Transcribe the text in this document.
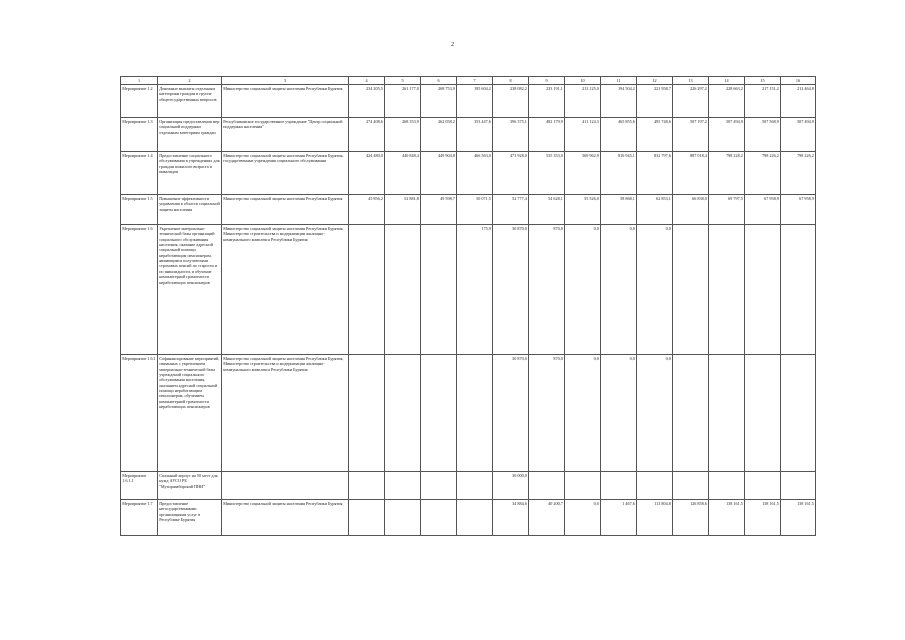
2
1	2	3	4	5	6	7	8	9	10	11	12	13	14	15	16
Мероприятие 1.2	Денежные выплаты отдельным категориям граждан и группе общегосударственных вопросов	Министерство социальной защиты населения Республики Бурятия	234 205,5	261 177,0	268 753,9	195 604,2	238 082,2	233 191,1	213 125,0	194 504,2	221 958,7	226 297,2	228 663,2	217 151,2	212 464,8
Мероприятие 1.3	Организация предоставления мер социальной поддержки отдельным категориям граждан	Республиканское государственное учреждение "Центр социальной поддержки населения"	274 408,6	268 353,9	262 058,2	353 447,6	396 375,1	482 179,9	411 124,3	465 855,6	495 748,6	507 197,2	507 494,9	507 568,9	507 494,9
Мероприятие 1.4	Предоставление социального обслуживания в учреждениях для граждан пожилого возраста и инвалидов	Министерство социальной защиты населения Республики Бурятия, государственные учреждения социального обслуживания	424 480,0	440 848,4	449 904,8	466 563,0	471 928,0	535 353,0	569 962,9	816 945,1	832 797,6	887 018,4	798 228,2	798 226,2	798 226,2
Мероприятие 1.5	Повышение эффективности управления в области социальной защиты населения	Министерство социальной защиты населения Республики Бурятия	45 856,2	52 881,8	49 598,7	50 071,5	52 777,4	54 628,1	55 526,0	58 868,1	62 853,1	66 838,0	69 797,5	67 958,9	67 958,9
Мероприятие 1.6	Укрепление материально-технической базы организаций социального обслуживания населения, оказание адресной социальной помощи неработающим пенсионерам, являющимся получателями страховых пенсий по старости и по инвалидности, и обучение компьютерной грамотности неработающих пенсионеров	Министерство социальной защиты населения Республики Бурятия, Министерство строительства и модернизации жилищно-коммунального комплекса Республики Бурятия				175,9	30 870,0	870,0	0,0	0,0	0,0				
Мероприятие 1.6.1	Софинансирование мероприятий, связанных с укреплением материально-технической базы учреждений социального обслуживания населения, оказанием адресной социальной помощи неработающим пенсионерам, обучением компьютерной грамотности неработающих пенсионеров	Министерство социальной защиты населения Республики Бурятия, Министерство строительства и модернизации жилищно-коммунального комплекса Республики Бурятия					30 870,0	870,0	0,0	0,0	0,0				
Мероприятие 1.6.1.1	Спальный корпус на 50 мест для нужд АУСО РБ "Мухоршибирский ПНИ"						30 000,0								
Мероприятие 1.7	Предоставление негосударственными организациями услуг в Республике Бурятия	Министерство социальной защиты населения Республики Бурятия					34 884,6	40 200,7	0,0	1 467,6	113 804,8	126 858,6	138 161,5	138 161,5	138 161,5
